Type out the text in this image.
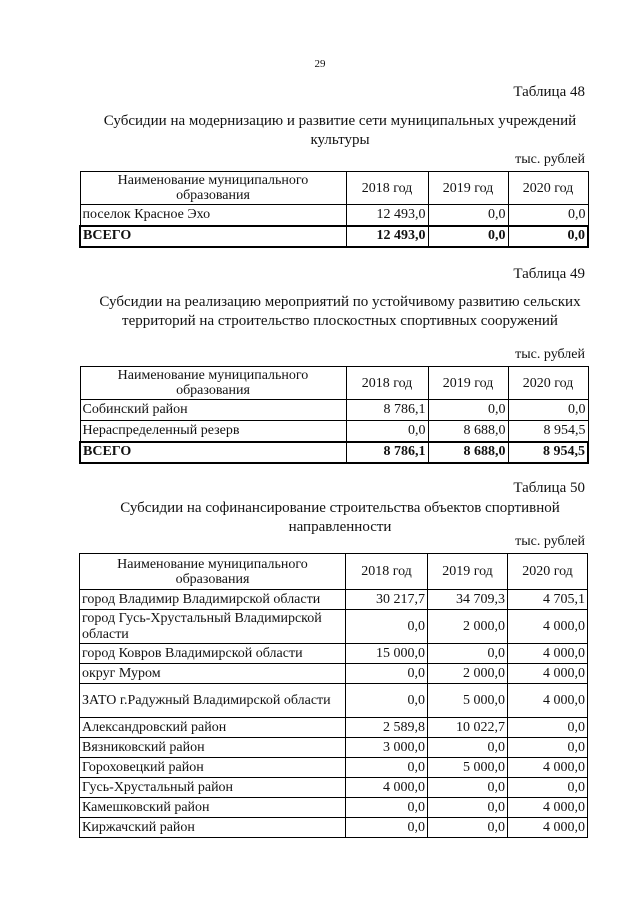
29
Таблица 48
Субсидии на модернизацию и развитие сети муниципальных учреждений культуры
тыс. рублей
Наименование муниципального образования	2018 год	2019 год	2020 год
поселок Красное Эхо	12 493,0	0,0	0,0
ВСЕГО	12 493,0	0,0	0,0
Таблица 49
Субсидии на реализацию мероприятий по устойчивому развитию сельских территорий на строительство плоскостных спортивных сооружений
тыс. рублей
Наименование муниципального образования	2018 год	2019 год	2020 год
Собинский район	8 786,1	0,0	0,0
Нераспределенный резерв	0,0	8 688,0	8 954,5
ВСЕГО	8 786,1	8 688,0	8 954,5
Таблица 50
Субсидии на софинансирование строительства объектов спортивной направленности
тыс. рублей
Наименование муниципального образования	2018 год	2019 год	2020 год
город Владимир Владимирской области	30 217,7	34 709,3	4 705,1
город Гусь-Хрустальный Владимирской области	0,0	2 000,0	4 000,0
город Ковров Владимирской области	15 000,0	0,0	4 000,0
округ Муром	0,0	2 000,0	4 000,0
ЗАТО г.Радужный Владимирской области	0,0	5 000,0	4 000,0
Александровский район	2 589,8	10 022,7	0,0
Вязниковский район	3 000,0	0,0	0,0
Гороховецкий район	0,0	5 000,0	4 000,0
Гусь-Хрустальный район	4 000,0	0,0	0,0
Камешковский район	0,0	0,0	4 000,0
Киржачский район	0,0	0,0	4 000,0
